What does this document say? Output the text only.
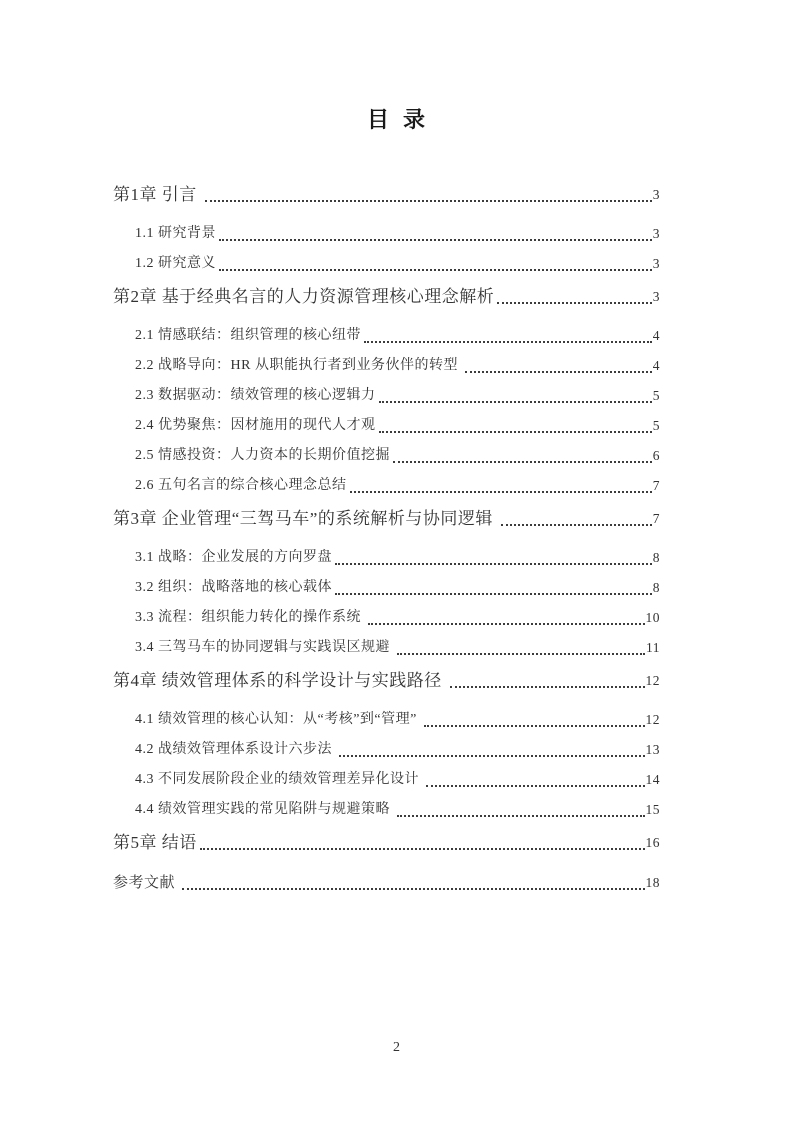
目  录
第1章 引言	3
1.1 研究背景	3
1.2 研究意义	3
第2章 基于经典名言的人力资源管理核心理念解析	3
2.1 情感联结：组织管理的核心纽带	4
2.2 战略导向：HR 从职能执行者到业务伙伴的转型	4
2.3 数据驱动：绩效管理的核心逻辑力	5
2.4 优势聚焦：因材施用的现代人才观	5
2.5 情感投资：人力资本的长期价值挖掘	6
2.6 五句名言的综合核心理念总结	7
第3章 企业管理“三驾马车”的系统解析与协同逻辑	7
3.1 战略：企业发展的方向罗盘	8
3.2 组织：战略落地的核心载体	8
3.3 流程：组织能力转化的操作系统	10
3.4 三驾马车的协同逻辑与实践误区规避	11
第4章 绩效管理体系的科学设计与实践路径	12
4.1 绩效管理的核心认知：从“考核”到“管理”	12
4.2 战绩效管理体系设计六步法	13
4.3 不同发展阶段企业的绩效管理差异化设计	14
4.4 绩效管理实践的常见陷阱与规避策略	15
第5章 结语	16
参考文献	18
2
